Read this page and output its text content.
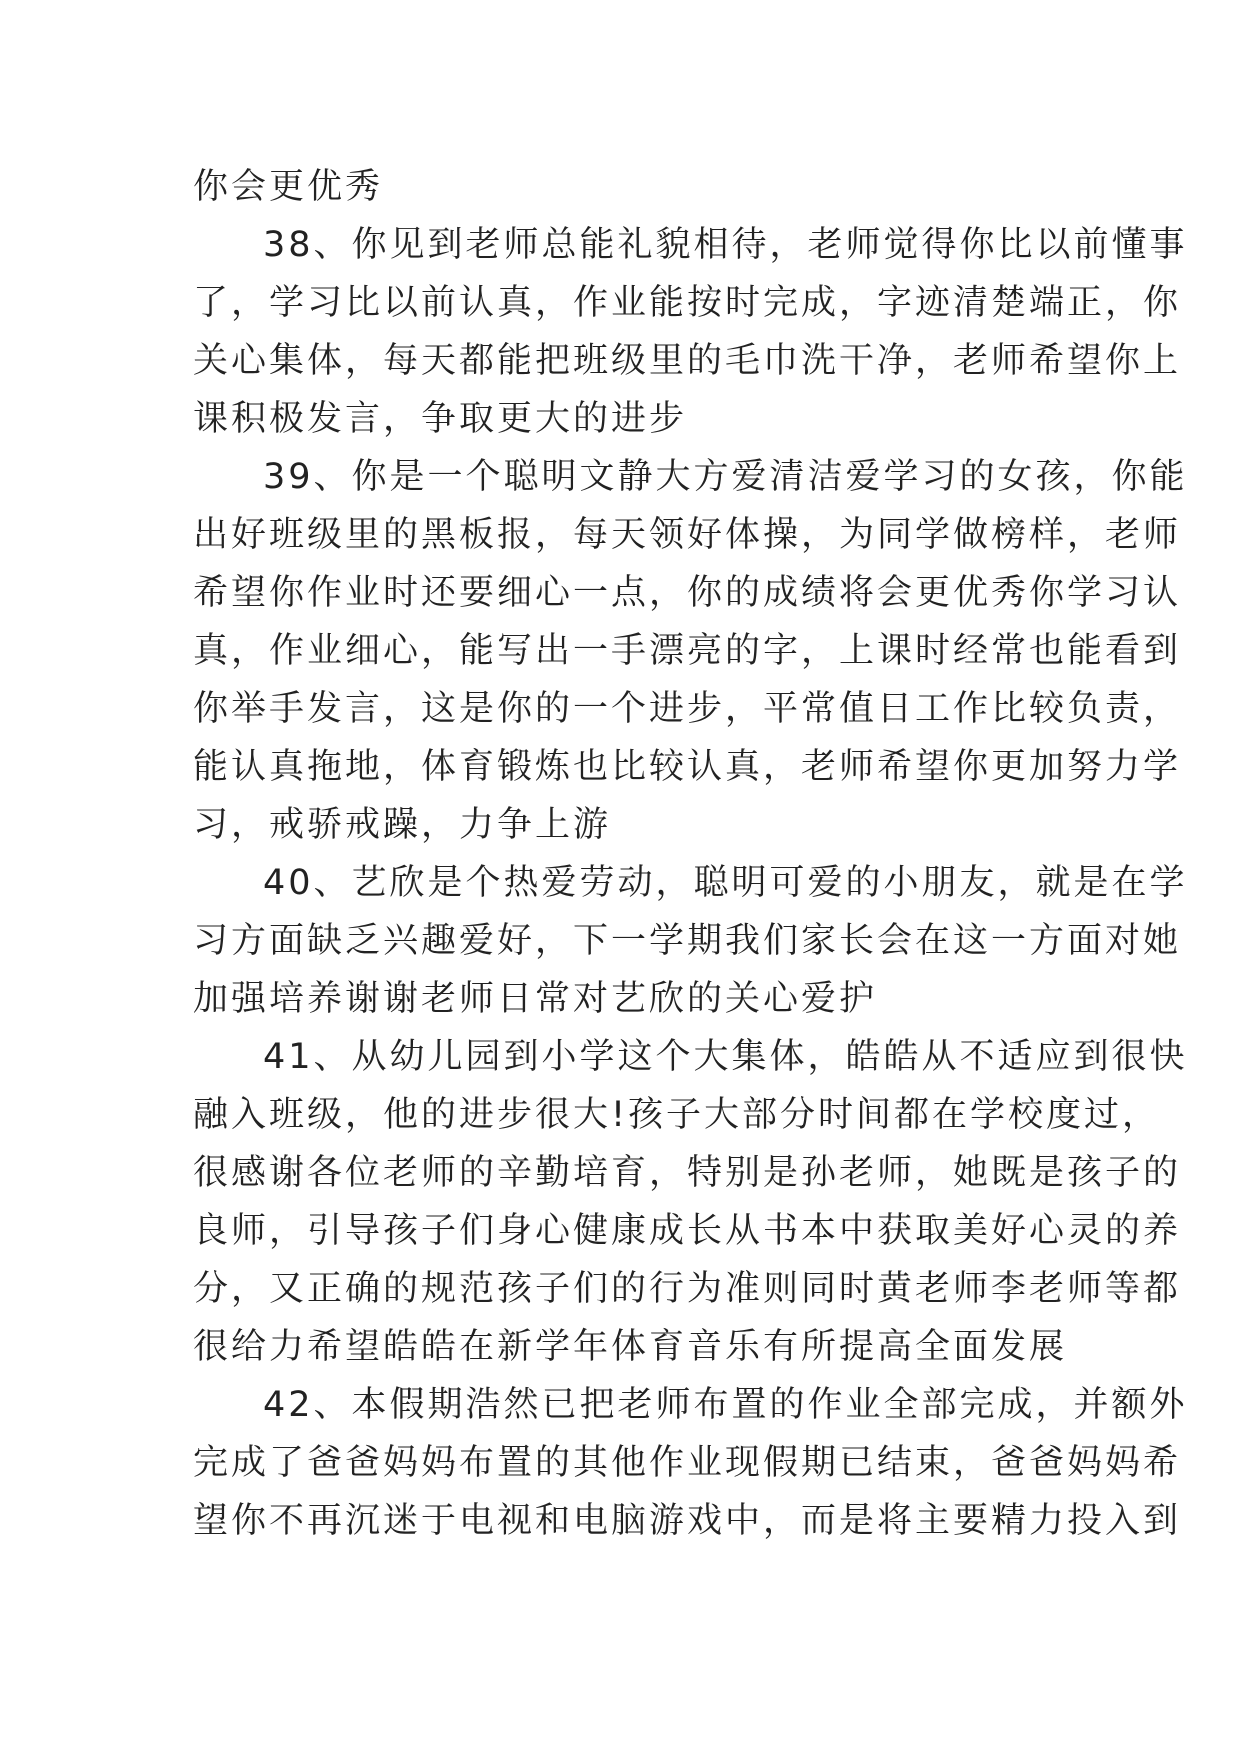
你会更优秀
38、你见到老师总能礼貌相待，老师觉得你比以前懂事
了，学习比以前认真，作业能按时完成，字迹清楚端正，你
关心集体，每天都能把班级里的毛巾洗干净，老师希望你上
课积极发言，争取更大的进步
39、你是一个聪明文静大方爱清洁爱学习的女孩，你能
出好班级里的黑板报，每天领好体操，为同学做榜样，老师
希望你作业时还要细心一点，你的成绩将会更优秀你学习认
真，作业细心，能写出一手漂亮的字，上课时经常也能看到
你举手发言，这是你的一个进步，平常值日工作比较负责，
能认真拖地，体育锻炼也比较认真，老师希望你更加努力学
习，戒骄戒躁，力争上游
40、艺欣是个热爱劳动，聪明可爱的小朋友，就是在学
习方面缺乏兴趣爱好，下一学期我们家长会在这一方面对她
加强培养谢谢老师日常对艺欣的关心爱护
41、从幼儿园到小学这个大集体，皓皓从不适应到很快
融入班级，他的进步很大!孩子大部分时间都在学校度过，
很感谢各位老师的辛勤培育，特别是孙老师，她既是孩子的
良师，引导孩子们身心健康成长从书本中获取美好心灵的养
分，又正确的规范孩子们的行为准则同时黄老师李老师等都
很给力希望皓皓在新学年体育音乐有所提高全面发展
42、本假期浩然已把老师布置的作业全部完成，并额外
完成了爸爸妈妈布置的其他作业现假期已结束，爸爸妈妈希
望你不再沉迷于电视和电脑游戏中，而是将主要精力投入到
